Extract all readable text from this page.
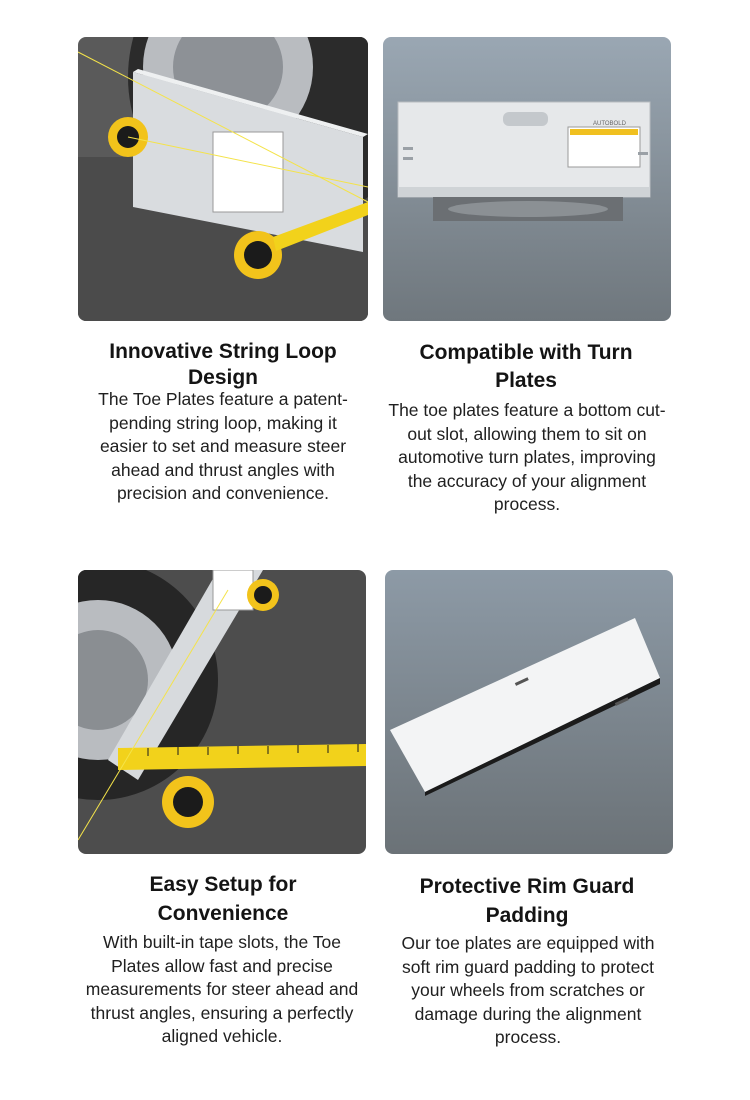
Innovative String Loop Design
The Toe Plates feature a patent-pending string loop, making it easier to set and measure steer ahead and thrust angles with precision and convenience.
AUTOBOLD
Compatible with Turn Plates
The toe plates feature a bottom cut-out slot, allowing them to sit on automotive turn plates, improving the accuracy of your alignment process.
Easy Setup for Convenience
With built-in tape slots, the Toe Plates allow fast and precise measurements for steer ahead and thrust angles, ensuring a perfectly aligned vehicle.
Protective Rim Guard Padding
Our toe plates are equipped with soft rim guard padding to protect your wheels from scratches or damage during the alignment process.
